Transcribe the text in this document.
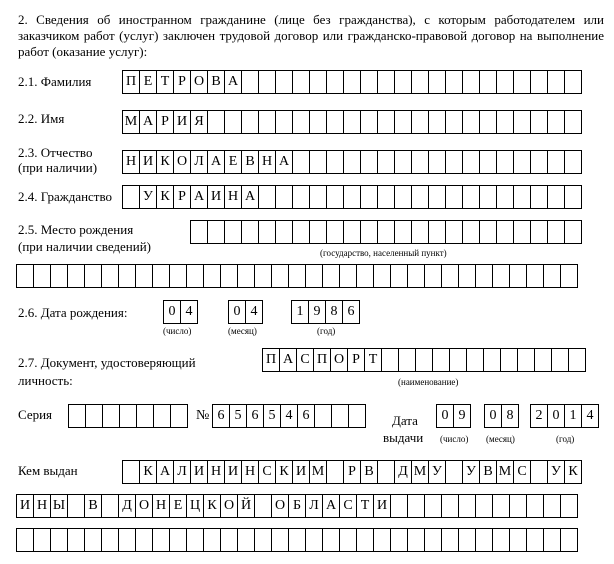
2. Сведения об иностранном гражданине (лице без гражданства), с которым работодателем или заказчиком работ (услуг) заключен трудовой договор или гражданско-правовой договор на выполнение работ (оказание услуг):
2.1. Фамилия П Е Т Р О В А
2.2. Имя	М А Р И Я
2.3. Отчество
(при наличии) Н И К О Л А Е В Н А
2.4. Гражданство У К Р А И Н А
2.5. Место рождения
(при наличии сведений)	(государство, населенный пункт)
2.6. Дата рождения:	0 4
(число)
0 4
(месяц)
1 9 8 6
(год)
2.7. Документ, удостоверяющий
личность:
П А С П О Р Т
(наименование)
Серия	№ 6 5 6 5 4 6	Дата
выдачи
0 9
(число)
0 8
(месяц)
2 0 1 4
(год)
Кем выдан	К А Л И Н И Н С К И М	Р В	Д М У У В М С	У К
И Н Ы	В	Д О Н Е Ц К О Й О Б Л А С Т И
